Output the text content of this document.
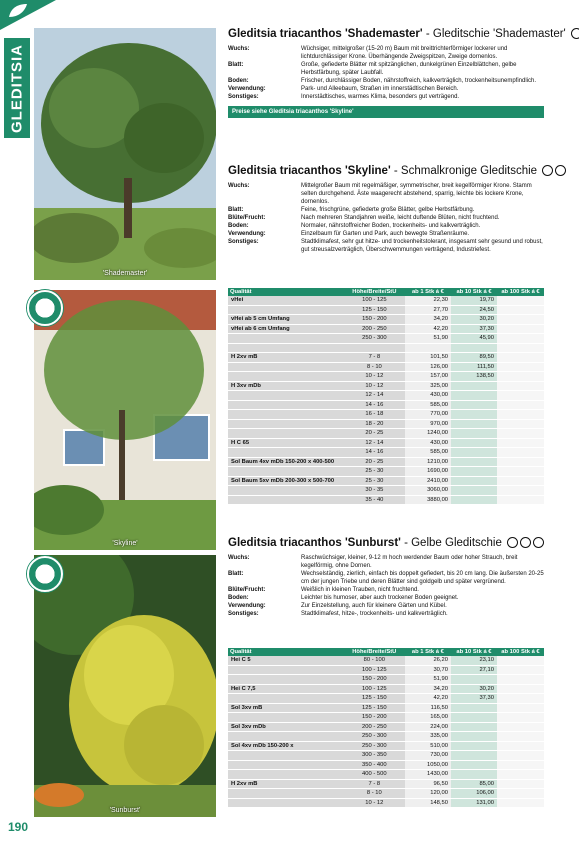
GLEDITSIA
'Shademaster'
'Skyline'
'Sunburst'
Gleditsia triacanthos 'Shademaster' - Gleditschie 'Shademaster'
Wuchs:	Wüchsiger, mittelgroßer (15-20 m) Baum mit breittrichterförmiger lockerer und lichtdurchlässiger Krone. Überhängende Zweigspitzen, Zweige dornenlos.
Blatt:	Große, gefiederte Blätter mit spitzänglichen, dunkelgrünen Einzelblättchen, gelbe Herbstfärbung, später Laubfall.
Boden:	Frischer, durchlässiger Boden, nährstoffreich, kalkverträglich, trockenheitsunempfindlich.
Verwendung:	Park- und Alleebaum, Straßen im innerstädtischen Bereich.
Sonstiges:	Innerstädtisches, warmes Klima, besonders gut verträgend.
Preise siehe Gleditsia triacanthos 'Skyline'
Gleditsia triacanthos 'Skyline' - Schmalkronige Gleditschie
Wuchs:	Mittelgroßer Baum mit regelmäßiger, symmetrischer, breit kegelförmiger Krone. Stamm selten durchgehend. Äste waagerecht abstehend, sparrig, leichte bis lockere Krone, dornenlos.
Blatt:	Feine, frischgrüne, gefiederte große Blätter, gelbe Herbstfärbung.
Blüte/Frucht:	Nach mehreren Standjahren weiße, leicht duftende Blüten, nicht fruchtend.
Boden:	Normaler, nährstoffreicher Boden, trockenheits- und kalkverträglich.
Verwendung:	Einzelbaum für Garten und Park, auch bewegte Straßenräume.
Sonstiges:	Stadtklimafest, sehr gut hitze- und trockenheitstolerant, insgesamt sehr gesund und robust, gut streusalzverträglich, Überschwemmungen verträgend, Industriefest.
Qualität	Höhe/Breite/StU	ab 1 Stk á €	ab 10 Stk á €	ab 100 Stk á €
vHei	100 - 125	22,30	19,70	
	125 - 150	27,70	24,50	
vHei ab 5 cm Umfang	150 - 200	34,20	30,20	
vHei ab 6 cm Umfang	200 - 250	42,20	37,30	
	250 - 300	51,90	45,90	

H 2xv mB	7 - 8	101,50	89,50	
	8 - 10	126,00	111,50	
	10 - 12	157,00	138,50	
H 3xv mDb	10 - 12	325,00		
	12 - 14	430,00		
	14 - 16	585,00		
	16 - 18	770,00		
	18 - 20	970,00		
	20 - 25	1240,00		
H C 65	12 - 14	430,00		
	14 - 16	585,00		
Sol Baum 4xv mDb 150-200 x 400-500	20 - 25	1210,00		
	25 - 30	1690,00		
Sol Baum 5xv mDb 200-300 x 500-700	25 - 30	2410,00		
	30 - 35	3060,00		
	35 - 40	3880,00		
Gleditsia triacanthos 'Sunburst' - Gelbe Gleditschie
Wuchs:	Raschwüchsiger, kleiner, 9-12 m hoch werdender Baum oder hoher Strauch, breit kegelförmig, ohne Dornen.
Blatt:	Wechselständig, zierlich, einfach bis doppelt gefiedert, bis 20 cm lang. Die äußersten 20-25 cm der jungen Triebe und deren Blätter sind goldgelb und später vergrünend.
Blüte/Frucht:	Weißlich in kleinen Trauben, nicht fruchtend.
Boden:	Leichter bis humoser, aber auch trockener Boden geeignet.
Verwendung:	Zur Einzelstellung, auch für kleinere Gärten und Kübel.
Sonstiges:	Stadtklimafest, hitze-, trockenheits- und kalkverträglich.
Qualität	Höhe/Breite/StU	ab 1 Stk á €	ab 10 Stk á €	ab 100 Stk á €
Hei C 5	80 - 100	26,20	23,10	
	100 - 125	30,70	27,10	
	150 - 200	51,90		
Hei C 7,5	100 - 125	34,20	30,20	
	125 - 150	42,20	37,30	
Sol 3xv mB	125 - 150	116,50		
	150 - 200	165,00		
Sol 3xv mDb	200 - 250	224,00		
	250 - 300	335,00		
Sol 4xv mDb 150-200 x	250 - 300	510,00		
	300 - 350	730,00		
	350 - 400	1050,00		
	400 - 500	1430,00		
H 2xv mB	7 - 8	96,50	85,00	
	8 - 10	120,00	106,00	
	10 - 12	148,50	131,00	
190
